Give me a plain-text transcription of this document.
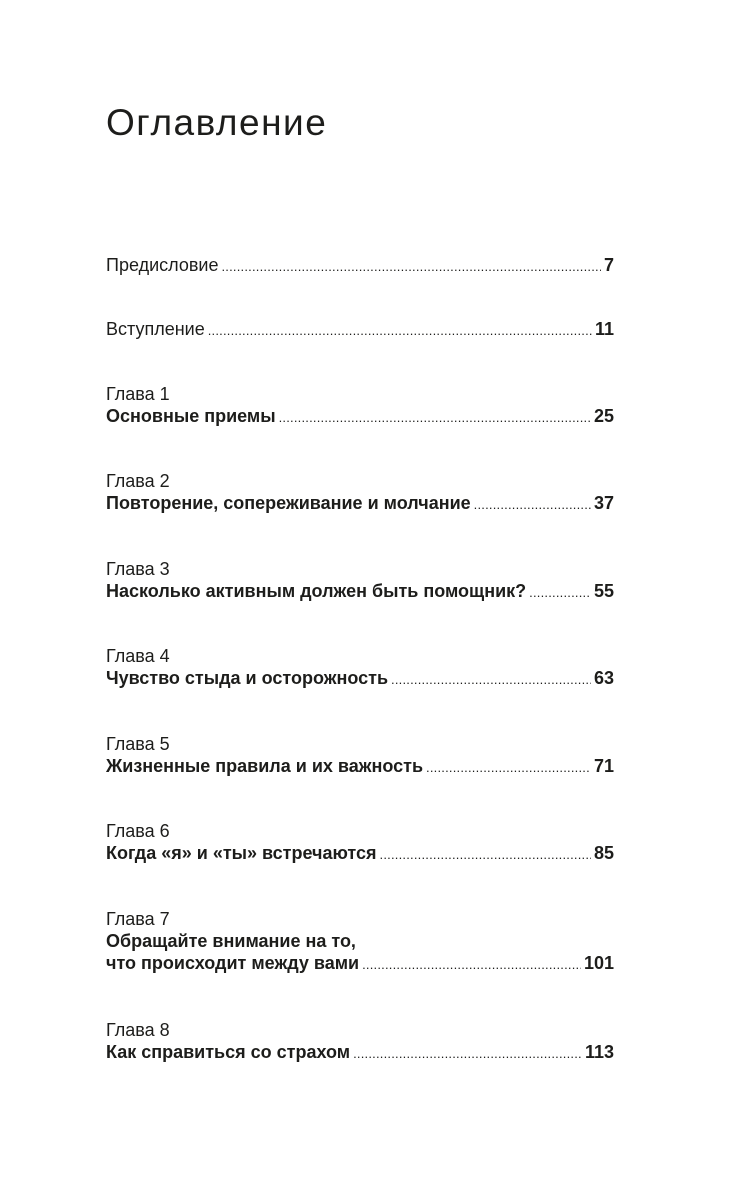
Оглавление
Предисловие .....	7
Вступление .....	11
Глава 1
Основные приемы .....	25
Глава 2
Повторение, сопереживание и молчание .....	37
Глава 3
Насколько активным должен быть помощник? .....	55
Глава 4
Чувство стыда и осторожность .....	63
Глава 5
Жизненные правила и их важность .....	71
Глава 6
Когда «я» и «ты» встречаются .....	85
Глава 7
Обращайте внимание на то,
что происходит между вами .....	101
Глава 8
Как справиться со страхом .....	113
